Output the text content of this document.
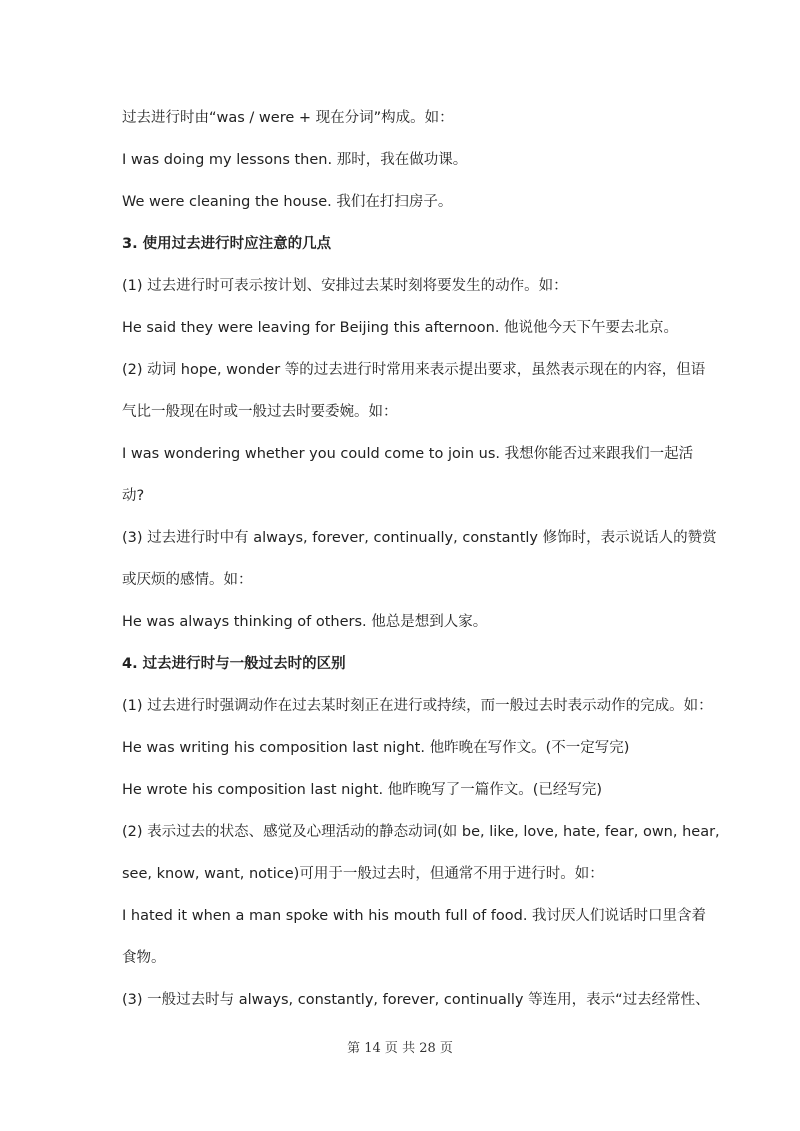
过去进行时由“was / were + 现在分词”构成。如：
I was doing my lessons then. 那时，我在做功课。
We were cleaning the house. 我们在打扫房子。
3. 使用过去进行时应注意的几点
(1) 过去进行时可表示按计划、安排过去某时刻将要发生的动作。如：
He said they were leaving for Beijing this afternoon. 他说他今天下午要去北京。
(2) 动词 hope, wonder 等的过去进行时常用来表示提出要求，虽然表示现在的内容，但语
气比一般现在时或一般过去时要委婉。如：
I was wondering whether you could come to join us. 我想你能否过来跟我们一起活
动?
(3) 过去进行时中有 always, forever, continually, constantly 修饰时，表示说话人的赞赏
或厌烦的感情。如：
He was always thinking of others. 他总是想到人家。
4. 过去进行时与一般过去时的区别
(1) 过去进行时强调动作在过去某时刻正在进行或持续，而一般过去时表示动作的完成。如：
He was writing his composition last night. 他昨晚在写作文。(不一定写完)
He wrote his composition last night. 他昨晚写了一篇作文。(已经写完)
(2) 表示过去的状态、感觉及心理活动的静态动词(如 be, like, love, hate, fear, own, hear,
see, know, want, notice)可用于一般过去时，但通常不用于进行时。如：
I hated it when a man spoke with his mouth full of food. 我讨厌人们说话时口里含着
食物。
(3) 一般过去时与 always, constantly, forever, continually 等连用，表示“过去经常性、
第 14 页 共 28 页
